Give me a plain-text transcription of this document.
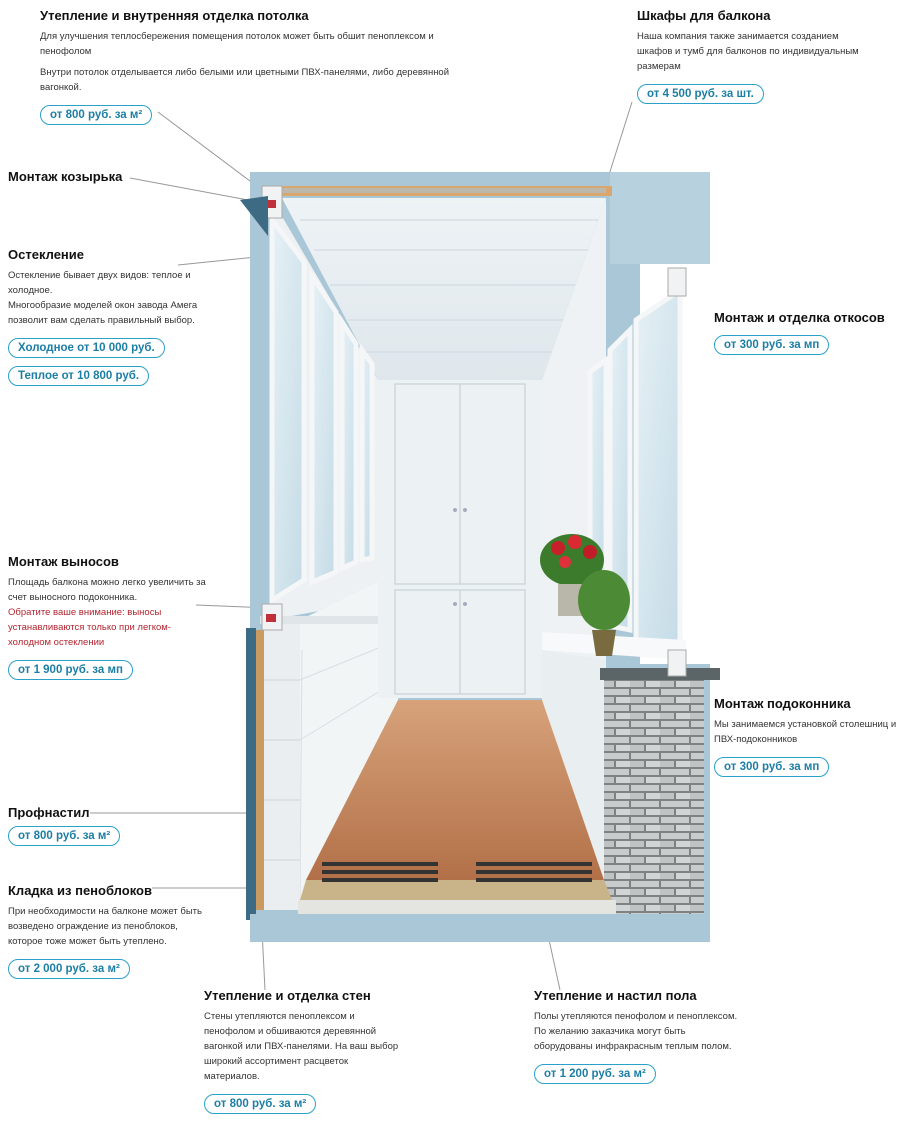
Утепление и внутренняя отделка потолка
Для улучшения теплосбережения помещения потолок может быть обшит пеноплексом и пенофолом
Внутри потолок отделывается либо белыми или цветными ПВХ-панелями, либо деревянной вагонкой.
от 800 руб. за м²
Шкафы для балкона
Наша компания также занимается созданием шкафов и тумб для балконов по индивидуальным размерам
от 4 500 руб. за шт.
Монтаж козырька
Остекление
Остекление бывает двух видов: теплое и холодное.
Многообразие моделей окон завода Амега позволит вам сделать правильный выбор.
Холодное от 10 000 руб.
Теплое от 10 800 руб.
Монтаж и отделка откосов
от 300 руб. за мп
Монтаж выносов
Площадь балкона можно легко увеличить за счет выносного подоконника.
Обратите ваше внимание: выносы устанавливаются только при легком-холодном остеклении
от 1 900 руб. за мп
Монтаж подоконника
Мы занимаемся установкой столешниц и ПВХ-подоконников
от 300 руб. за мп
Профнастил
от 800 руб. за м²
Кладка из пеноблоков
При необходимости на балконе может быть возведено ограждение из пеноблоков, которое тоже может быть утеплено.
от 2 000 руб. за м²
Утепление и отделка стен
Стены утепляются пеноплексом и пенофолом и обшиваются деревянной вагонкой или ПВХ-панелями. На ваш выбор широкий ассортимент расцветок материалов.
от 800 руб. за м²
Утепление и настил пола
Полы утепляются пенофолом и пеноплексом. По желанию заказчика могут быть оборудованы инфракрасным теплым полом.
от 1 200 руб. за м²
